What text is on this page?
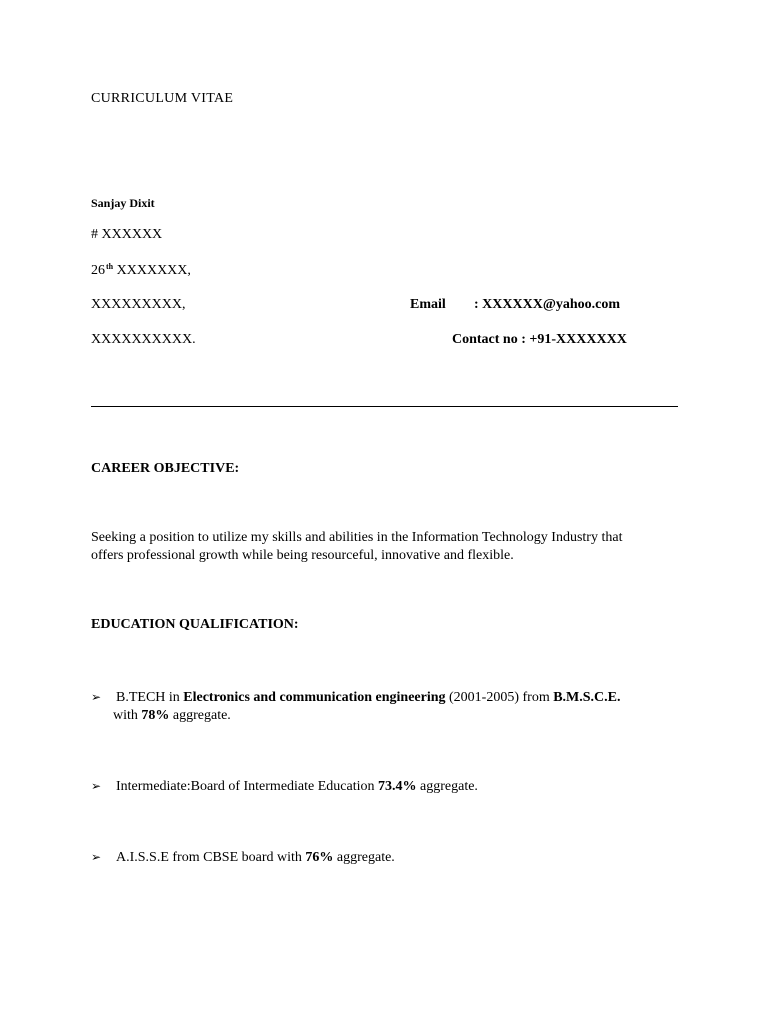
CURRICULUM VITAE
Sanjay Dixit
# XXXXXX
26th XXXXXXX,
XXXXXXXXX,
XXXXXXXXXX.
Email : XXXXXX@yahoo.com
Contact no : +91-XXXXXXX
CAREER OBJECTIVE:
Seeking a position to utilize my skills and abilities in the Information Technology Industry that
offers professional growth while being resourceful, innovative and flexible.
EDUCATION QUALIFICATION:
➢ B.TECH in Electronics and communication engineering (2001-2005) from B.M.S.C.E.
with 78% aggregate.
➢ Intermediate:Board of Intermediate Education 73.4% aggregate.
➢ A.I.S.S.E from CBSE board with 76% aggregate.
